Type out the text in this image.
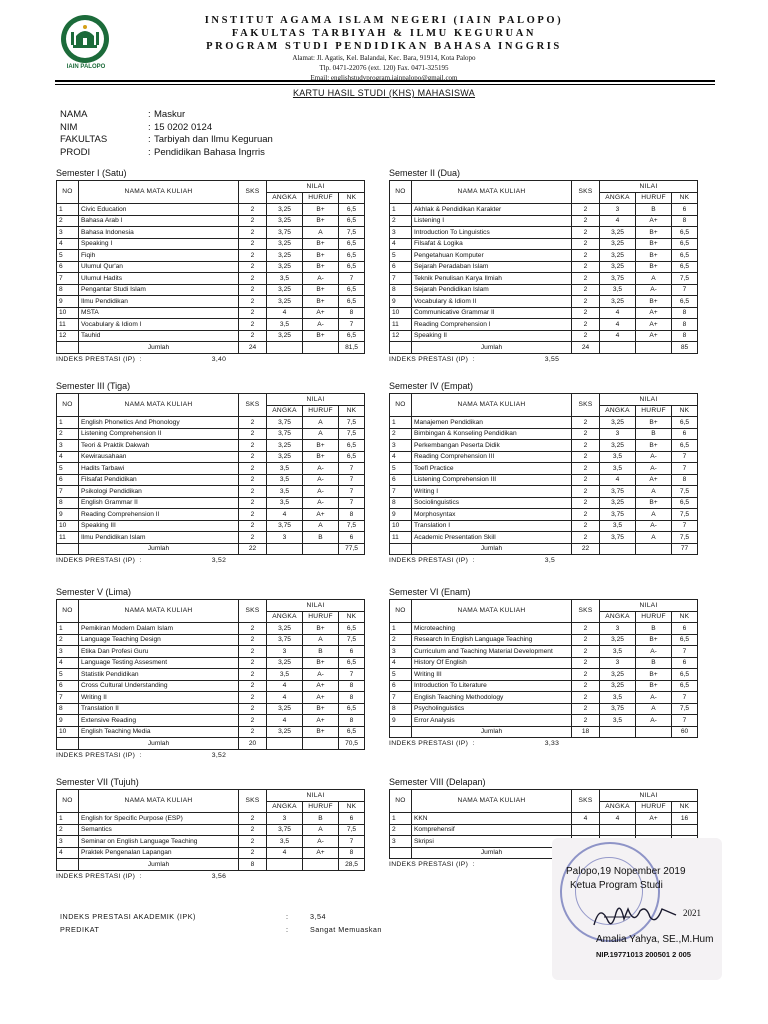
IAIN PALOPO
INSTITUT AGAMA ISLAM NEGERI (IAIN PALOPO)
FAKULTAS TARBIYAH & ILMU KEGURUAN
PROGRAM STUDI PENDIDIKAN BAHASA INGGRIS
Alamat: Jl. Agatis, Kel. Balandai, Kec. Bara, 91914, Kota Palopo
Tlp. 0471-22076 (ext. 120) Fax. 0471-325195
Email: englishstudyprogram.iainpalopo@gmail.com
KARTU HASIL STUDI (KHS) MAHASISWA
NAMA	: Maskur
NIM	: 15 0202 0124
FAKULTAS	: Tarbiyah dan Ilmu Keguruan
PRODI	: Pendidikan Bahasa Ingrris
Semester I (Satu)
NO	NAMA MATA KULIAH	SKS	NILAI		
			ANGKA	HURUF	NK
1	Civic Education	2	3,25	B+	6,5
2	Bahasa Arab I	2	3,25	B+	6,5
3	Bahasa Indonesia	2	3,75	A	7,5
4	Speaking I	2	3,25	B+	6,5
5	Fiqih	2	3,25	B+	6,5
6	Ulumul Qur'an	2	3,25	B+	6,5
7	Ulumul Hadits	2	3,5	A-	7
8	Pengantar Studi Islam	2	3,25	B+	6,5
9	Ilmu Pendidikan	2	3,25	B+	6,5
10	MSTA	2	4	A+	8
11	Vocabulary & Idiom I	2	3,5	A-	7
12	Tauhid	2	3,25	B+	6,5
	Jumlah	24			81,5
INDEKS PRESTASI (IP) :	3,40
Semester II (Dua)
NO	NAMA MATA KULIAH	SKS	NILAI		
			ANGKA	HURUF	NK
1	Akhlak & Pendidikan Karakter	2	3	B	6
2	Listening I	2	4	A+	8
3	Introduction To Linguistics	2	3,25	B+	6,5
4	Filsafat & Logika	2	3,25	B+	6,5
5	Pengetahuan Komputer	2	3,25	B+	6,5
6	Sejarah Peradaban Islam	2	3,25	B+	6,5
7	Teknik Penulisan Karya Ilmiah	2	3,75	A	7,5
8	Sejarah Pendidikan Islam	2	3,5	A-	7
9	Vocabulary & Idiom II	2	3,25	B+	6,5
10	Communicative Grammar II	2	4	A+	8
11	Reading Comprehension I	2	4	A+	8
12	Speaking II	2	4	A+	8
	Jumlah	24			85
INDEKS PRESTASI (IP) :	3,55
Semester III (Tiga)
NO	NAMA MATA KULIAH	SKS	NILAI		
			ANGKA	HURUF	NK
1	English Phonetics And Phonology	2	3,75	A	7,5
2	Listening Comprehension II	2	3,75	A	7,5
3	Teori & Praktik Dakwah	2	3,25	B+	6,5
4	Kewirausahaan	2	3,25	B+	6,5
5	Hadits Tarbawi	2	3,5	A-	7
6	Filsafat Pendidikan	2	3,5	A-	7
7	Psikologi Pendidikan	2	3,5	A-	7
8	English Grammar II	2	3,5	A-	7
9	Reading Comprehension II	2	4	A+	8
10	Speaking III	2	3,75	A	7,5
11	Ilmu Pendidikan Islam	2	3	B	6
	Jumlah	22			77,5
INDEKS PRESTASI (IP) :	3,52
Semester IV (Empat)
NO	NAMA MATA KULIAH	SKS	NILAI		
			ANGKA	HURUF	NK
1	Manajemen Pendidikan	2	3,25	B+	6,5
2	Bimbingan & Konseling Pendidikan	2	3	B	6
3	Perkembangan Peserta Didik	2	3,25	B+	6,5
4	Reading Comprehension III	2	3,5	A-	7
5	Toefl Practice	2	3,5	A-	7
6	Listening Comprehension III	2	4	A+	8
7	Writing I	2	3,75	A	7,5
8	Sociolinguistics	2	3,25	B+	6,5
9	Morphosyntax	2	3,75	A	7,5
10	Translation I	2	3,5	A-	7
11	Academic Presentation Skill	2	3,75	A	7,5
	Jumlah	22			77
INDEKS PRESTASI (IP) :	3,5
Semester V (Lima)
NO	NAMA MATA KULIAH	SKS	NILAI		
			ANGKA	HURUF	NK
1	Pemikiran Modern Dalam Islam	2	3,25	B+	6,5
2	Language Teaching Design	2	3,75	A	7,5
3	Etika Dan Profesi Guru	2	3	B	6
4	Language Testing Assesment	2	3,25	B+	6,5
5	Statistik Pendidikan	2	3,5	A-	7
6	Cross Cultural Understanding	2	4	A+	8
7	Writing II	2	4	A+	8
8	Translation II	2	3,25	B+	6,5
9	Extensive Reading	2	4	A+	8
10	English Teaching Media	2	3,25	B+	6,5
	Jumlah	20			70,5
INDEKS PRESTASI (IP) :	3,52
Semester VI (Enam)
NO	NAMA MATA KULIAH	SKS	NILAI		
			ANGKA	HURUF	NK
1	Microteaching	2	3	B	6
2	Research In English Language Teaching	2	3,25	B+	6,5
3	Curriculum and Teaching Material Development	2	3,5	A-	7
4	History Of English	2	3	B	6
5	Writing III	2	3,25	B+	6,5
6	Introduction To Literature	2	3,25	B+	6,5
7	English Teaching Methodology	2	3,5	A-	7
8	Psycholinguistics	2	3,75	A	7,5
9	Error Analysis	2	3,5	A-	7
	Jumlah	18			60
INDEKS PRESTASI (IP) :	3,33
Semester VII (Tujuh)
NO	NAMA MATA KULIAH	SKS	NILAI		
			ANGKA	HURUF	NK
1	English for Specific Purpose (ESP)	2	3	B	6
2	Semantics	2	3,75	A	7,5
3	Seminar on English Language Teaching	2	3,5	A-	7
4	Praktek Pengenalan Lapangan	2	4	A+	8
	Jumlah	8			28,5
INDEKS PRESTASI (IP) :	3,56
Semester VIII (Delapan)
NO	NAMA MATA KULIAH	SKS	NILAI		
			ANGKA	HURUF	NK
1	KKN	4	4	A+	16
2	Komprehensif				
3	Skripsi				
	Jumlah				
INDEKS PRESTASI (IP) :
INDEKS PRESTASI AKADEMIK (IPK)	:	3,54
PREDIKAT	:	Sangat Memuaskan
Palopo,19 Nopember 2019
Ketua Program Studi
2021
Amalia Yahya, SE.,M.Hum
NIP.19771013 200501 2 005
